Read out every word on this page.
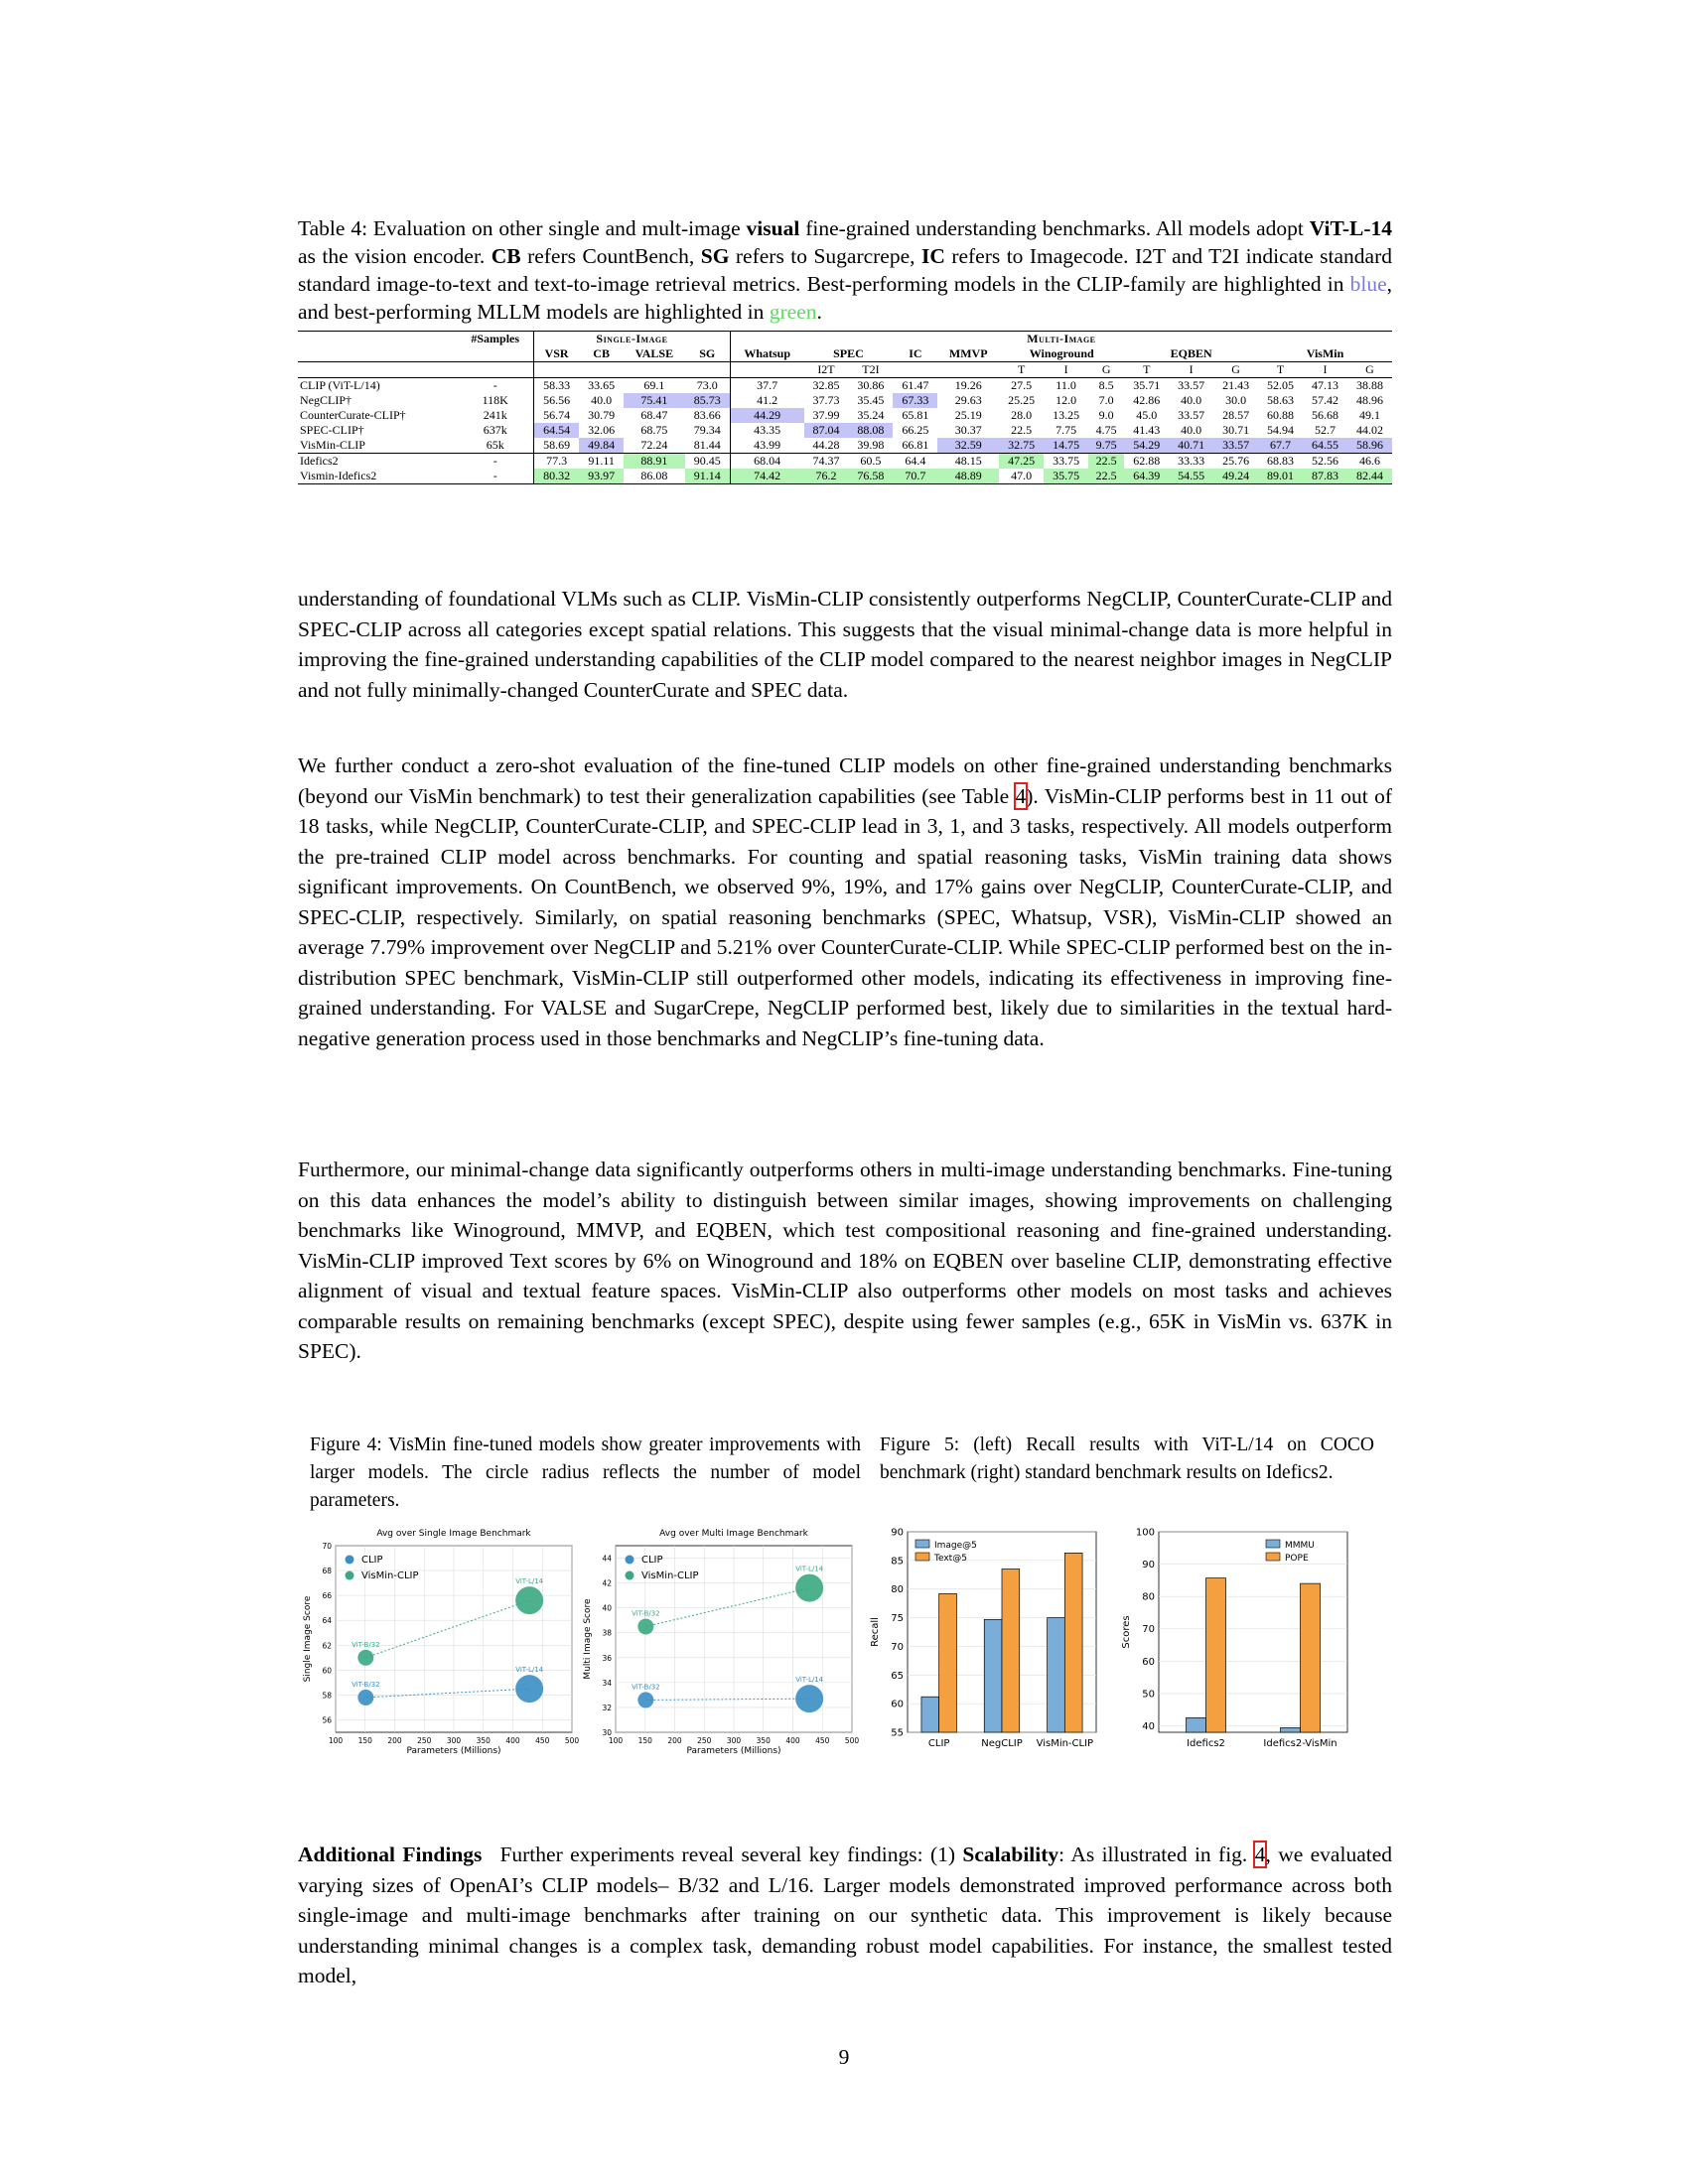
Table 4: Evaluation on other single and mult-image visual fine-grained understanding benchmarks. All models adopt ViT-L-14 as the vision encoder. CB refers CountBench, SG refers to Sugarcrepe, IC refers to Imagecode. I2T and T2I indicate standard standard image-to-text and text-to-image retrieval metrics. Best-performing models in the CLIP-family are highlighted in blue, and best-performing MLLM models are highlighted in green.
	#Samples	Single-Image				Multi-Image													
		VSR	CB	VALSE	SG	Whatsup	SPEC		IC	MMVP	Winoground			EQBEN			VisMin		
							I2T	T2I			T	I	G	T	I	G	T	I	G
CLIP (ViT-L/14)	-	58.33	33.65	69.1	73.0	37.7	32.85	30.86	61.47	19.26	27.5	11.0	8.5	35.71	33.57	21.43	52.05	47.13	38.88
NegCLIP†	118K	56.56	40.0	75.41	85.73	41.2	37.73	35.45	67.33	29.63	25.25	12.0	7.0	42.86	40.0	30.0	58.63	57.42	48.96
CounterCurate-CLIP†	241k	56.74	30.79	68.47	83.66	44.29	37.99	35.24	65.81	25.19	28.0	13.25	9.0	45.0	33.57	28.57	60.88	56.68	49.1
SPEC-CLIP†	637k	64.54	32.06	68.75	79.34	43.35	87.04	88.08	66.25	30.37	22.5	7.75	4.75	41.43	40.0	30.71	54.94	52.7	44.02
VisMin-CLIP	65k	58.69	49.84	72.24	81.44	43.99	44.28	39.98	66.81	32.59	32.75	14.75	9.75	54.29	40.71	33.57	67.7	64.55	58.96
Idefics2	-	77.3	91.11	88.91	90.45	68.04	74.37	60.5	64.4	48.15	47.25	33.75	22.5	62.88	33.33	25.76	68.83	52.56	46.6
Vismin-Idefics2	-	80.32	93.97	86.08	91.14	74.42	76.2	76.58	70.7	48.89	47.0	35.75	22.5	64.39	54.55	49.24	89.01	87.83	82.44

understanding of foundational VLMs such as CLIP. VisMin-CLIP consistently outperforms NegCLIP, CounterCurate-CLIP and SPEC-CLIP across all categories except spatial relations. This suggests that the visual minimal-change data is more helpful in improving the fine-grained understanding capabilities of the CLIP model compared to the nearest neighbor images in NegCLIP and not fully minimally-changed CounterCurate and SPEC data.

We further conduct a zero-shot evaluation of the fine-tuned CLIP models on other fine-grained understanding benchmarks (beyond our VisMin benchmark) to test their generalization capabilities (see Table 4). VisMin-CLIP performs best in 11 out of 18 tasks, while NegCLIP, CounterCurate-CLIP, and SPEC-CLIP lead in 3, 1, and 3 tasks, respectively. All models outperform the pre-trained CLIP model across benchmarks. For counting and spatial reasoning tasks, VisMin training data shows significant improvements. On CountBench, we observed 9%, 19%, and 17% gains over NegCLIP, CounterCurate-CLIP, and SPEC-CLIP, respectively. Similarly, on spatial reasoning benchmarks (SPEC, Whatsup, VSR), VisMin-CLIP showed an average 7.79% improvement over NegCLIP and 5.21% over CounterCurate-CLIP. While SPEC-CLIP performed best on the in-distribution SPEC benchmark, VisMin-CLIP still outperformed other models, indicating its effectiveness in improving fine-grained understanding. For VALSE and SugarCrepe, NegCLIP performed best, likely due to similarities in the textual hard-negative generation process used in those benchmarks and NegCLIP’s fine-tuning data.

Furthermore, our minimal-change data significantly outperforms others in multi-image understanding benchmarks. Fine-tuning on this data enhances the model’s ability to distinguish between similar images, showing improvements on challenging benchmarks like Winoground, MMVP, and EQBEN, which test compositional reasoning and fine-grained understanding. VisMin-CLIP improved Text scores by 6% on Winoground and 18% on EQBEN over baseline CLIP, demonstrating effective alignment of visual and textual feature spaces. VisMin-CLIP also outperforms other models on most tasks and achieves comparable results on remaining benchmarks (except SPEC), despite using fewer samples (e.g., 65K in VisMin vs. 637K in SPEC).

Figure 4: VisMin fine-tuned models show greater improvements with larger models. The circle radius reflects the number of model parameters.
Figure 5: (left) Recall results with ViT-L/14 on COCO benchmark (right) standard benchmark results on Idefics2.
Avg over Single Image Benchmark
100 150 200 250 300 350 400 450 500
56
58
60
62
64
66
68
70
Parameters (Millions)
Single Image Score
ViT-B/32
ViT-L/14
CLIP
ViT-B/32
ViT-L/14
VisMin-CLIP
Avg over Multi Image Benchmark
100 150 200 250 300 350 400 450 500
30
32
34
36
38
40
42
44
Parameters (Millions)
Multi Image Score
ViT-B/32
ViT-L/14
CLIP
ViT-B/32
ViT-L/14
VisMin-CLIP
55
60
65
70
75
80
85
90
Recall
CLIP	NegCLIP VisMin-CLIP
Image@5
Text@5
40
50
60
70
80
90
100
Scores
Idefics2	Idefics2-VisMin
MMMU
POPE

Additional Findings Further experiments reveal several key findings: (1) Scalability: As illustrated in fig. 4, we evaluated varying sizes of OpenAI’s CLIP models– B/32 and L/16. Larger models demonstrated improved performance across both single-image and multi-image benchmarks after training on our synthetic data. This improvement is likely because understanding minimal changes is a complex task, demanding robust model capabilities. For instance, the smallest tested model,

9
